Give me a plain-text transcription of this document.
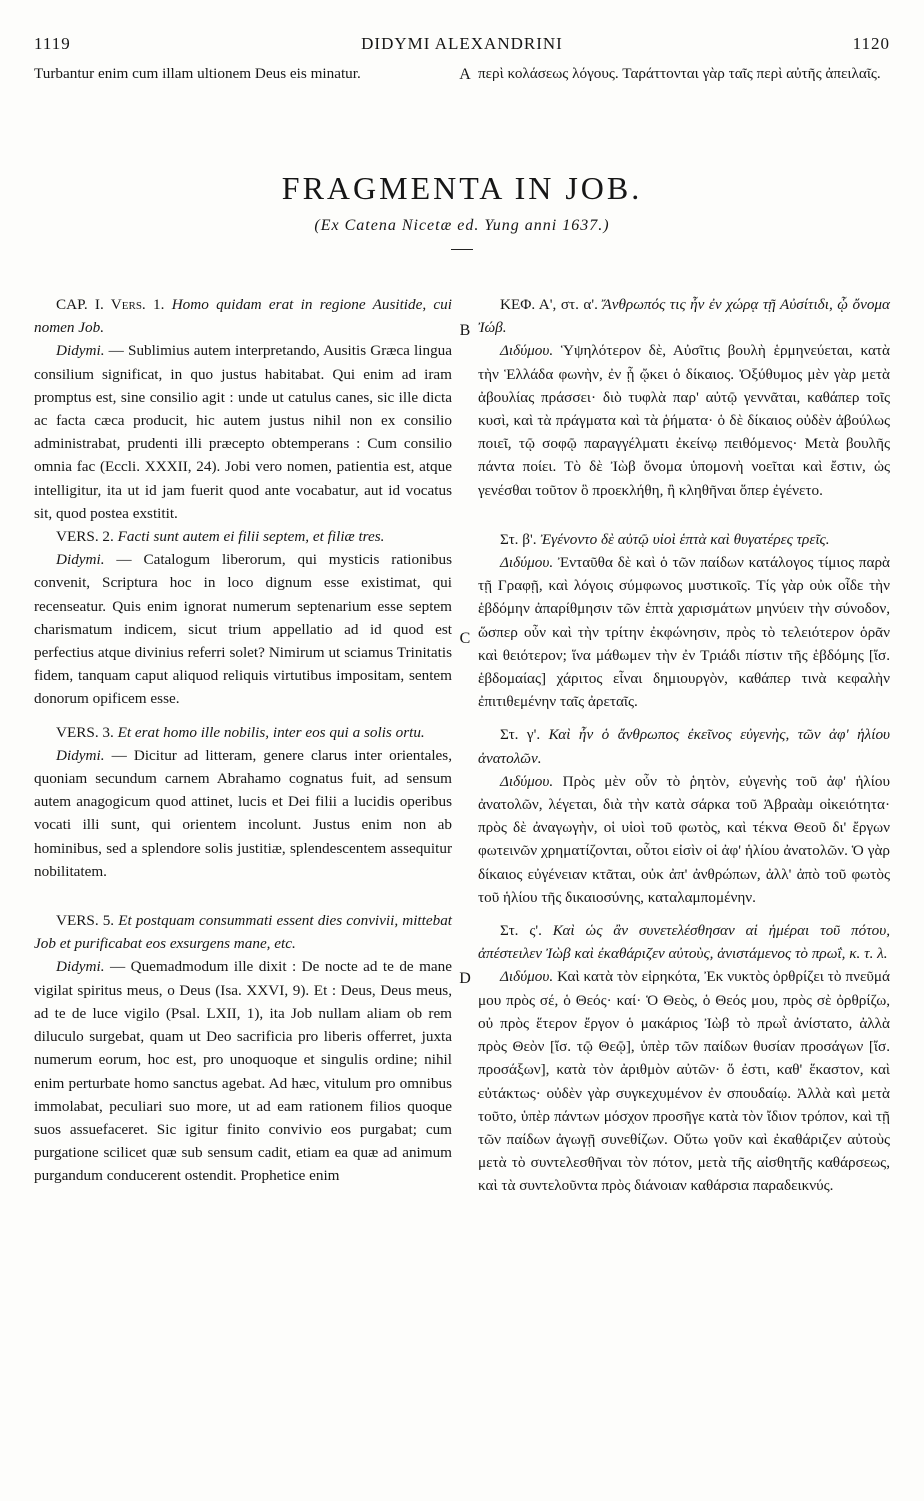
1119	DIDYMI ALEXANDRINI	1120

Turbantur enim cum illam ultionem Deus eis minatur.	A περὶ κολάσεως λόγους. Ταράττονται γὰρ ταῖς περὶ αὐτῆς ἀπειλαῖς.

FRAGMENTA IN JOB.
(Ex Catena Nicetæ ed. Yung anni 1637.)

CAP. I. Vers. 1. Homo quidam erat in regione Ausitide, cui nomen Job.

Didymi. — Sublimius autem interpretando, Ausitis Græca lingua consilium significat, in quo justus habitabat. Qui enim ad iram promptus est, sine consilio agit : unde ut catulus canes, sic ille dicta ac facta cæca producit, hic autem justus nihil non ex consilio administrabat, prudenti illi præcepto obtemperans : Cum consilio omnia fac (Eccli. XXXII, 24). Jobi vero nomen, patientia est, atque intelligitur, ita ut id jam fuerit quod ante vocabatur, aut id vocatus sit, quod postea exstitit.

VERS. 2. Facti sunt autem ei filii septem, et filiæ tres.

Didymi. — Catalogum liberorum, qui mysticis rationibus convenit, Scriptura hoc in loco dignum esse existimat, qui recenseatur. Quis enim ignorat numerum septenarium esse septem charismatum indicem, sicut trium appellatio ad id quod est perfectius atque divinius referri solet? Nimirum ut sciamus Trinitatis fidem, tanquam caput aliquod reliquis virtutibus impositam, sentem donorum opificem esse.

VERS. 3. Et erat homo ille nobilis, inter eos qui a solis ortu.

Didymi. — Dicitur ad litteram, genere clarus inter orientales, quoniam secundum carnem Abrahamo cognatus fuit, ad sensum autem anagogicum quod attinet, lucis et Dei filii a lucidis operibus vocati illi sunt, qui orientem incolunt. Justus enim non ab hominibus, sed a splendore solis justitiæ, splendescentem assequitur nobilitatem.

VERS. 5. Et postquam consummati essent dies convivii, mittebat Job et purificabat eos exsurgens mane, etc.

Didymi. — Quemadmodum ille dixit : De nocte ad te de mane vigilat spiritus meus, o Deus (Isa. XXVI, 9). Et : Deus, Deus meus, ad te de luce vigilo (Psal. LXII, 1), ita Job nullam aliam ob rem diluculo surgebat, quam ut Deo sacrificia pro liberis offerret, juxta numerum eorum, hoc est, pro unoquoque et singulis ordine; nihil enim perturbate homo sanctus agebat. Ad hæc, vitulum pro omnibus immolabat, peculiari suo more, ut ad eam rationem filios quoque suos assuefaceret. Sic igitur finito convivio eos purgabat; cum purgatione scilicet quæ sub sensum cadit, etiam ea quæ ad animum purgandum conducerent ostendit. Prophetice enim

B
C
D

ΚΕΦ. Α', στ. α'. Ἄνθρωπός τις ἦν ἐν χώρᾳ τῇ Αὐσίτιδι, ᾧ ὄνομα Ἰώβ.

Διδύμου. Ὑψηλότερον δὲ, Αὐσῖτις βουλὴ ἑρμηνεύεται, κατὰ τὴν Ἑλλάδα φωνὴν, ἐν ᾗ ᾤκει ὁ δίκαιος. Ὀξύθυμος μὲν γὰρ μετὰ ἀβουλίας πράσσει· διὸ τυφλὰ παρ' αὐτῷ γεννᾶται, καθάπερ τοῖς κυσὶ, καὶ τὰ πράγματα καὶ τὰ ῥήματα· ὁ δὲ δίκαιος οὐδὲν ἀβούλως ποιεῖ, τῷ σοφῷ παραγγέλματι ἐκείνῳ πειθόμενος· Μετὰ βουλῆς πάντα ποίει. Τὸ δὲ Ἰὼβ ὄνομα ὑπομονὴ νοεῖται καὶ ἔστιν, ὡς γενέσθαι τοῦτον ὃ προεκλήθη, ἢ κληθῆναι ὅπερ ἐγένετο.

Στ. β'. Ἐγένοντο δὲ αὐτῷ υἱοὶ ἑπτὰ καὶ θυγατέρες τρεῖς.

Διδύμου. Ἐνταῦθα δὲ καὶ ὁ τῶν παίδων κατάλογος τίμιος παρὰ τῇ Γραφῇ, καὶ λόγοις σύμφωνος μυστικοῖς. Τίς γὰρ οὐκ οἶδε τὴν ἑβδόμην ἀπαρίθμησιν τῶν ἑπτὰ χαρισμάτων μηνύειν τὴν σύνοδον, ὥσπερ οὖν καὶ τὴν τρίτην ἐκφώνησιν, πρὸς τὸ τελειότερον ὁρᾶν καὶ θειότερον; ἵνα μάθωμεν τὴν ἐν Τριάδι πίστιν τῆς ἑβδόμης [ἴσ. ἑβδομαίας] χάριτος εἶναι δημιουργὸν, καθάπερ τινὰ κεφαλὴν ἐπιτιθεμένην ταῖς ἀρεταῖς.

Στ. γ'. Καὶ ἦν ὁ ἄνθρωπος ἐκεῖνος εὐγενὴς, τῶν ἀφ' ἡλίου ἀνατολῶν.

Διδύμου. Πρὸς μὲν οὖν τὸ ῥητὸν, εὐγενὴς τοῦ ἀφ' ἡλίου ἀνατολῶν, λέγεται, διὰ τὴν κατὰ σάρκα τοῦ Ἀβραὰμ οἰκειότητα· πρὸς δὲ ἀναγωγὴν, οἱ υἱοὶ τοῦ φωτὸς, καὶ τέκνα Θεοῦ δι' ἔργων φωτεινῶν χρηματίζονται, οὗτοι εἰσὶν οἱ ἀφ' ἡλίου ἀνατολῶν. Ὁ γὰρ δίκαιος εὐγένειαν κτᾶται, οὐκ ἀπ' ἀνθρώπων, ἀλλ' ἀπὸ τοῦ φωτὸς τοῦ ἡλίου τῆς δικαιοσύνης, καταλαμπομένην.

Στ. ς'. Καὶ ὡς ἂν συνετελέσθησαν αἱ ἡμέραι τοῦ πότου, ἀπέστειλεν Ἰὼβ καὶ ἐκαθάριζεν αὐτοὺς, ἀνιστάμενος τὸ πρωΐ, κ. τ. λ.

Διδύμου. Καὶ κατὰ τὸν εἰρηκότα, Ἐκ νυκτὸς ὀρθρίζει τὸ πνεῦμά μου πρὸς σέ, ὁ Θεός· καί· Ὁ Θεὸς, ὁ Θεός μου, πρὸς σὲ ὀρθρίζω, οὐ πρὸς ἕτερον ἔργον ὁ μακάριος Ἰὼβ τὸ πρωῒ ἀνίστατο, ἀλλὰ πρὸς Θεὸν [ἴσ. τῷ Θεῷ], ὑπὲρ τῶν παίδων θυσίαν προσάγων [ἴσ. προσάξων], κατὰ τὸν ἀριθμὸν αὐτῶν· ὅ ἐστι, καθ' ἕκαστον, καὶ εὐτάκτως· οὐδὲν γὰρ συγκεχυμένον ἐν σπουδαίῳ. Ἀλλὰ καὶ μετὰ τοῦτο, ὑπὲρ πάντων μόσχον προσῆγε κατὰ τὸν ἴδιον τρόπον, καὶ τῇ τῶν παίδων ἀγωγῇ συνεθίζων. Οὕτω γοῦν καὶ ἐκαθάριζεν αὐτοὺς μετὰ τὸ συντελεσθῆναι τὸν πότον, μετὰ τῆς αἰσθητῆς καθάρσεως, καὶ τὰ συντελοῦντα πρὸς διάνοιαν καθάρσια παραδεικνύς.
